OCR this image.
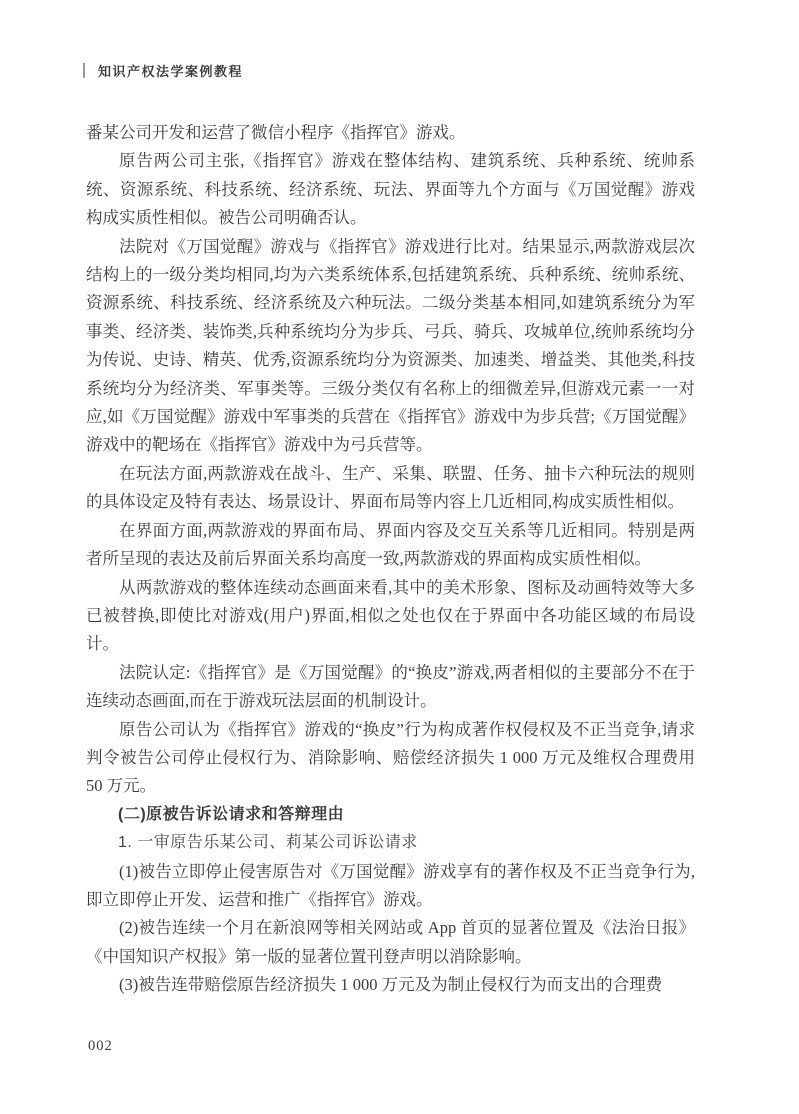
知识产权法学案例教程

番某公司开发和运营了微信小程序《指挥官》游戏。

原告两公司主张,《指挥官》游戏在整体结构、建筑系统、兵种系统、统帅系统、资源系统、科技系统、经济系统、玩法、界面等九个方面与《万国觉醒》游戏构成实质性相似。被告公司明确否认。

法院对《万国觉醒》游戏与《指挥官》游戏进行比对。结果显示,两款游戏层次结构上的一级分类均相同,均为六类系统体系,包括建筑系统、兵种系统、统帅系统、资源系统、科技系统、经济系统及六种玩法。二级分类基本相同,如建筑系统分为军事类、经济类、装饰类,兵种系统均分为步兵、弓兵、骑兵、攻城单位,统帅系统均分为传说、史诗、精英、优秀,资源系统均分为资源类、加速类、增益类、其他类,科技系统均分为经济类、军事类等。三级分类仅有名称上的细微差异,但游戏元素一一对应,如《万国觉醒》游戏中军事类的兵营在《指挥官》游戏中为步兵营;《万国觉醒》游戏中的靶场在《指挥官》游戏中为弓兵营等。

在玩法方面,两款游戏在战斗、生产、采集、联盟、任务、抽卡六种玩法的规则的具体设定及特有表达、场景设计、界面布局等内容上几近相同,构成实质性相似。

在界面方面,两款游戏的界面布局、界面内容及交互关系等几近相同。特别是两者所呈现的表达及前后界面关系均高度一致,两款游戏的界面构成实质性相似。

从两款游戏的整体连续动态画面来看,其中的美术形象、图标及动画特效等大多已被替换,即使比对游戏(用户)界面,相似之处也仅在于界面中各功能区域的布局设计。

法院认定:《指挥官》是《万国觉醒》的“换皮”游戏,两者相似的主要部分不在于连续动态画面,而在于游戏玩法层面的机制设计。

原告公司认为《指挥官》游戏的“换皮”行为构成著作权侵权及不正当竞争,请求判令被告公司停止侵权行为、消除影响、赔偿经济损失 1 000 万元及维权合理费用 50 万元。

(二)原被告诉讼请求和答辩理由

1. 一审原告乐某公司、莉某公司诉讼请求

(1)被告立即停止侵害原告对《万国觉醒》游戏享有的著作权及不正当竞争行为,即立即停止开发、运营和推广《指挥官》游戏。

(2)被告连续一个月在新浪网等相关网站或 App 首页的显著位置及《法治日报》《中国知识产权报》第一版的显著位置刊登声明以消除影响。

(3)被告连带赔偿原告经济损失 1 000 万元及为制止侵权行为而支出的合理费

002
